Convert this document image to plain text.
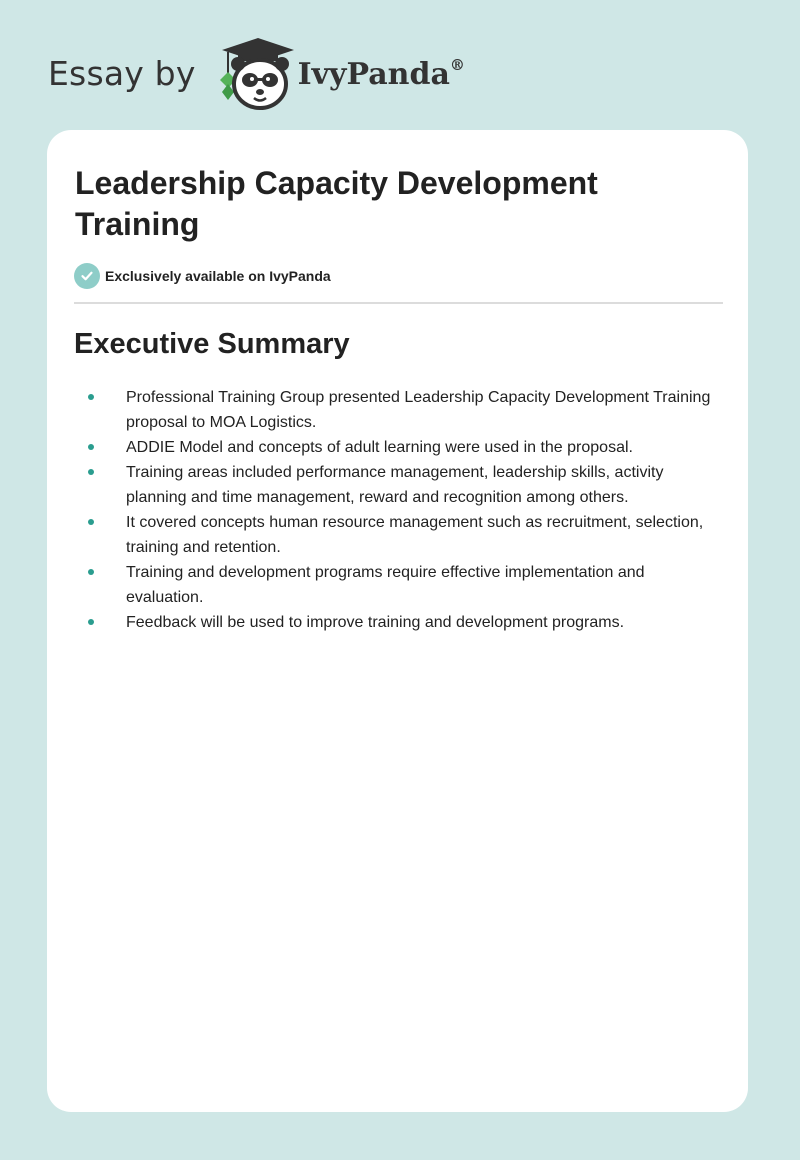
Essay by	IvyPanda®
Leadership Capacity Development Training
Exclusively available on IvyPanda
Executive Summary
Professional Training Group presented Leadership Capacity Development Training proposal to MOA Logistics.
ADDIE Model and concepts of adult learning were used in the proposal.
Training areas included performance management, leadership skills, activity planning and time management, reward and recognition among others.
It covered concepts human resource management such as recruitment, selection, training and retention.
Training and development programs require effective implementation and evaluation.
Feedback will be used to improve training and development programs.
